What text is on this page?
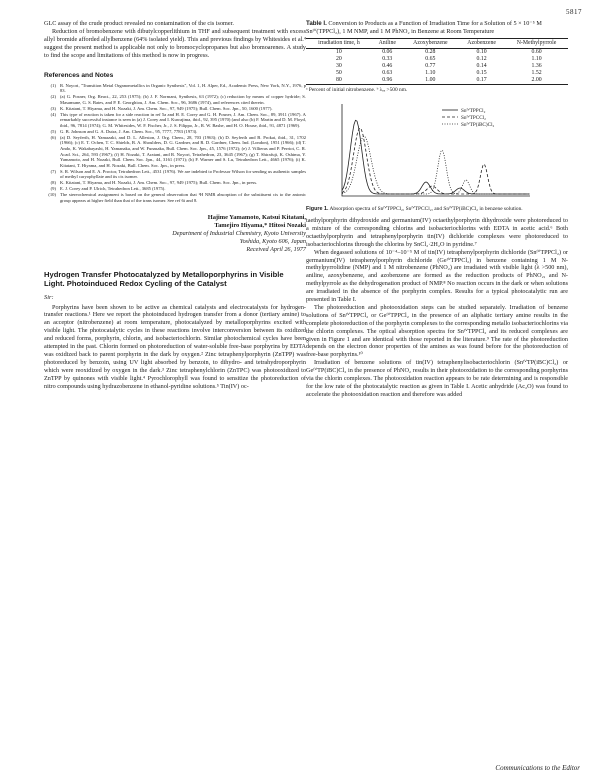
5817

GLC assay of the crude product revealed no contamination of the cis isomer.

Reduction of bromobenzene with dibutylcopperlithium in THF and subsequent treatment with excess allyl bromide afforded allylbenzene (64% isolated yield). This and previous findings by Whitesides et al.⁴ suggest the present method is applicable not only to bromocyclopropanes but also bromoarenes. A study to find the scope and limitations of this method is now in progress.

References and Notes
(1) R. Noyori, "Transition Metal Organometallics in Organic Synthesis", Vol. 1, H. Alper, Ed., Academic Press, New York, N.Y., 1976, p 83.
(2) (a) G. Posner, Org. React., 22, 253 (1975); (b) J. F. Normant, Synthesis, 63 (1972); (c) reduction by means of copper hydride; S. Masamune, G. S. Bates, and P. E. Georghiou, J. Am. Chem. Soc., 96, 3686 (1974), and references cited therein.
(3) K. Kitatani, T. Hiyama, and H. Nozaki, J. Am. Chem. Soc., 97, 949 (1975); Bull. Chem. Soc. Jpn., 50, 1600 (1977).
(4) This type of reaction is taken for a side reaction in ref 5a and H. E. Corey and G. H. Posner, J. Am. Chem. Soc., 89, 3911 (1967). A remarkably successful instance is seen in (a) J. Corey and I. Kuwajima, ibid., 92, 395 (1970) (and also (b) F. Martin and D. M. Floyd, ibid., 96, 7814 (1974); G. M. Whitesides, W. F. Fischer, Jr., J. S. Filippo, Jr., R. W. Bashe, and H. O. House, ibid., 91, 4871 (1969).
(5) G. B. Johnson and G. A. Dutra, J. Am. Chem. Soc., 95, 7777, 7783 (1973).
(6) (a) D. Seyferth, H. Yamazaki, and D. L. Alleston, J. Org. Chem., 28, 703 (1963); (b) D. Seyferth and B. Prokai, ibid., 31, 1702 (1966); (c) E. T. Ochen, T. C. Shields, B. A. Shoulders, D. G. Gardner, and R. D. Gardner, Chem. Ind. (London), 1951 (1966); (d) T. Ando, K. Wakabayashi, H. Yamanaka, and W. Funasaka, Bull. Chem. Soc. Jpn., 45, 1576 (1972); (e) J. Villieras and P. Perriot, C. R. Acad. Sci., 264, 593 (1967); (f) H. Nozaki, T. Aratani, and R. Noyori, Tetrahedron, 23, 3645 (1967); (g) T. Shirafuji, K. Oshima, Y. Yamamoto, and H. Nozaki, Bull. Chem. Soc. Jpn., 44, 3161 (1971); (h) F. Warner and S. Lu, Tetrahedron Lett., 4665 (1976); (i) K. Kitatani, T. Hiyama, and H. Nozaki, Bull. Chem. Soc. Jpn., in press.
(7) S. R. Wilson and E. A. Proctor, Tetrahedron Lett., 4531 (1976). We are indebted to Professor Wilson for sending us authentic samples of methyl caryophyllate and its cis isomer.
(8) K. Kitatani, T. Hiyama, and H. Nozaki, J. Am. Chem. Soc., 97, 949 (1975); Bull. Chem. Soc. Jpn., in press.
(9) E. J. Corey and P. Ulrich, Tetrahedron Lett., 3685 (1975).
(10) The stereochemical assignment is based on the general observation that ¹H NMR absorption of the substituent cis to the anionic group appears at higher field than that of the trans isomer. See ref 6i and 8.
Hajime Yamamoto, Katsui Kitatani,
Tamejiro Hiyama,* Hitosi Nozaki
Department of Industrial Chemistry, Kyoto University
Yoshida, Kyoto 606, Japan
Received April 26, 1977
Hydrogen Transfer Photocatalyzed by Metalloporphyrins in Visible Light. Photoinduced Redox Cycling of the Catalyst
Sir:

Porphyrins have been shown to be active as chemical catalysts and electrocatalysts for hydrogen-transfer reactions.¹ Here we report the photoinduced hydrogen transfer from a donor (tertiary amine) to an acceptor (nitrobenzene) at room temperature, photocatalyzed by metalloporphyrins excited with visible light. The photocatalytic cycles in these reactions involve interconversion between its oxidized and reduced forms, porphyrin, chlorin, and isobacteriochlorin. Similar photochemical cycles have been attempted in the past. Chlorin formed on photoreduction of water-soluble free-base porphyrins by EDTA was oxidized back to parent porphyrin in the dark by oxygen.² Zinc tetraphenylporphyrin (ZnTPP) was photoreduced by benzoin, using UV light absorbed by benzoin, to dihydro- and tetrahydroporphyrin which were reoxidized by oxygen in the dark.³ Zinc tetraphenylchlorin (ZnTPC) was photooxidized to ZnTPP by quinones with visible light.⁴ Pyrochlorophyll was found to sensitize the photoreduction of nitro compounds using hydrazobenzene in ethanol-pyridine solutions.⁵ Tin(IV) oc-

Table I. Conversion to Products as a Function of Irradiation Time for a Solution of 5 × 10⁻⁵ M Snᴵⱽ(TPPCl₂), 1 M NMP, and 1 M PhNO₂ in Benzene at Room Temperature
irradiation time, h	Aniline	Azoxybenzene	Azobenzene	N-Methylpyrrole
10	0.06	0.28	0.10	0.60
20	0.33	0.65	0.12	1.10
30	0.46	0.77	0.14	1.36
50	0.63	1.10	0.15	1.52
80	0.96	1.00	0.17	2.00
ᵃ Percent of initial nitrobenzene. ᵇ λₑₓ >500 nm.
SnᴵⱽTPPCl₂
SnᴵⱽTPCCl₂
SnᴵⱽTP(iBC)Cl₂
Figure 1. Absorption spectra of SnᴵⱽTPPCl₂, SnᴵⱽTPCCl₂, and SnᴵⱽTP(iBC)Cl₂ in benzene solution.

taethylporphyrin dihydroxide and germanium(IV) octaethylporphyrin dihydroxide were photoreduced to a mixture of the corresponding chlorins and isobacteriochlorins with EDTA in acetic acid.⁶ Both octaethylporphyrin and tetraphenylporphyrin tin(IV) dichloride complexes were photoreduced to isobacteriochlorins through the chlorins by SnCl₂·2H₂O in pyridine.⁷

When degassed solutions of 10⁻⁴–10⁻⁵ M of tin(IV) tetraphenylporphyrin dichloride (SnᴵⱽTPPCl₂) or germanium(IV) tetraphenylporphyrin dichloride (GeᴵⱽTPPCl₂) in benzene containing 1 M N-methylpyrrolidine (NMP) and 1 M nitrobenzene (PhNO₂) are irradiated with visible light (λ >500 nm), aniline, azoxybenzene, and azobenzene are formed as the reduction products of PhNO₂, and N-methylpyrrole as the dehydrogenation product of NMP.⁸ No reaction occurs in the dark or when solutions are irradiated in the absence of the porphyrin complex. Results for a typical photocatalytic run are presented in Table I.

The photoreduction and photooxidation steps can be studied separately. Irradiation of benzene solutions of SnᴵⱽTPPCl₂ or GeᴵⱽTPPCl₂ in the presence of an aliphatic tertiary amine results in the complete photoreduction of the porphyrin complexes to the corresponding metallo isobacteriochlorins via the chlorin complexes. The optical absorption spectra for SnᴵⱽTPPCl₂ and its reduced complexes are given in Figure 1 and are identical with those reported in the literature.⁹ The rate of the photoreduction depends on the electron donor properties of the amines as was found before for the photoreduction of free-base porphyrins.¹⁰

Irradiation of benzene solutions of tin(IV) tetraphenylisobacteriochlorin (SnᴵⱽTP(iBC)Cl₂) or GeᴵⱽTP(iBC)Cl₂ in the presence of PhNO₂ results in their photooxidation to the corresponding porphyrins via the chlorin complexes. The photooxidation reaction appears to be rate determining and is responsible for the low rate of the photocatalytic reaction as given in Table I. Acetic anhydride (Ac₂O) was found to accelerate the photooxidation reaction and therefore was added

Communications to the Editor
